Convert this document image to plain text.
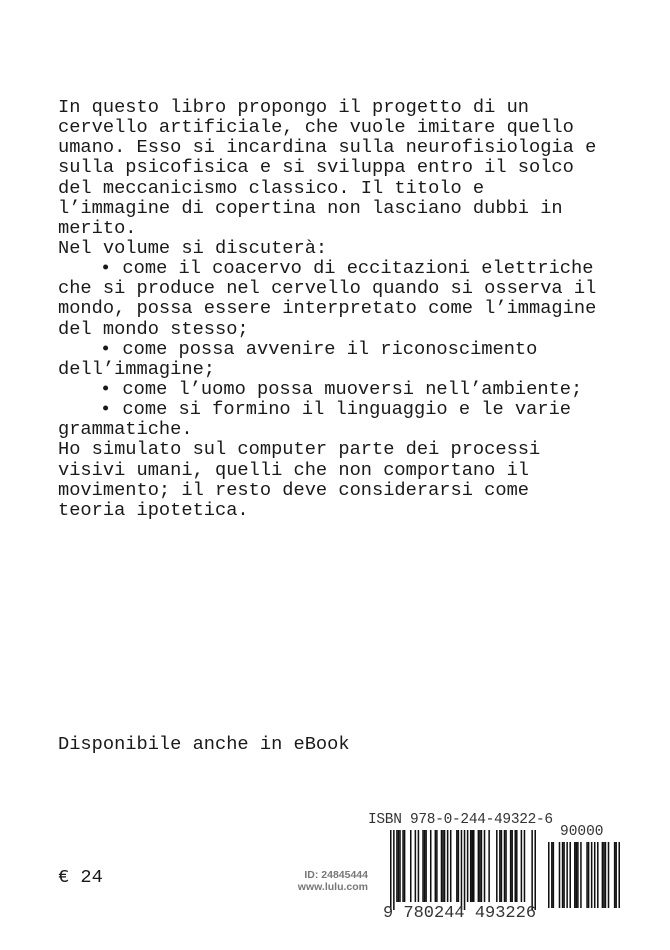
In questo libro propongo il progetto di un
cervello artificiale, che vuole imitare quello
umano. Esso si incardina sulla neurofisiologia e
sulla psicofisica e si sviluppa entro il solco
del meccanicismo classico. Il titolo e
l’immagine di copertina non lasciano dubbi in
merito.
Nel volume si discuterà:
• come il coacervo di eccitazioni elettriche
che si produce nel cervello quando si osserva il
mondo, possa essere interpretato come l’immagine
del mondo stesso;
• come possa avvenire il riconoscimento
dell’immagine;
• come l’uomo possa muoversi nell’ambiente;
• come si formino il linguaggio e le varie
grammatiche.
Ho simulato sul computer parte dei processi
visivi umani, quelli che non comportano il
movimento; il resto deve considerarsi come
teoria ipotetica.
Disponibile anche in eBook
€ 24	ID: 24845444
www.lulu.com
ISBN 978-0-244-49322-6
90000
9 780244 493226
